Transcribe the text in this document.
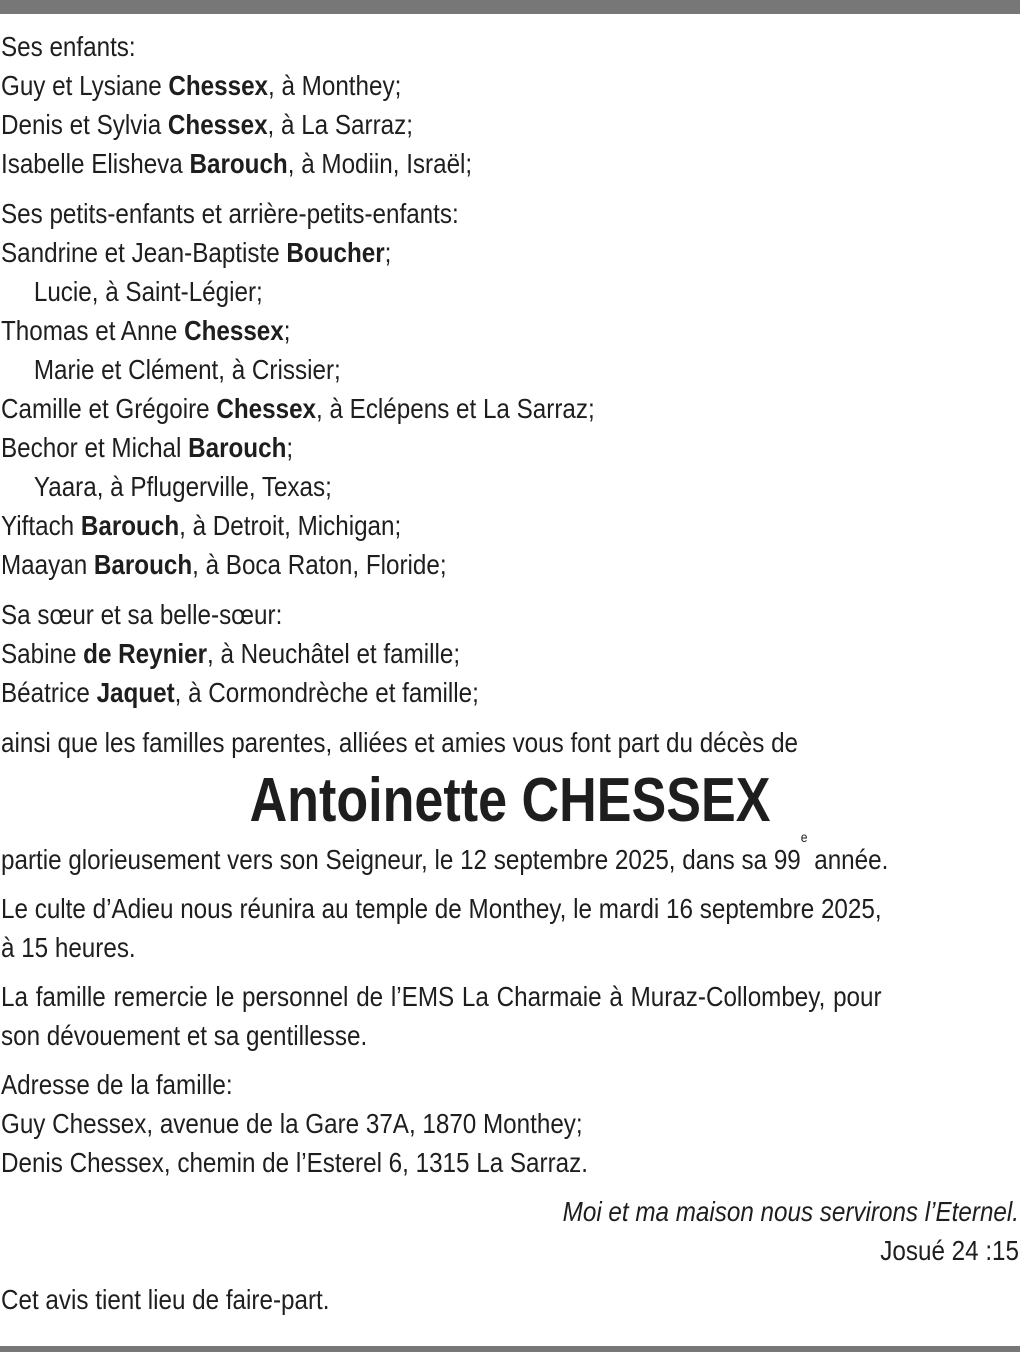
Ses enfants:
Guy et Lysiane Chessex, à Monthey;
Denis et Sylvia Chessex, à La Sarraz;
Isabelle Elisheva Barouch, à Modiin, Israël;
Ses petits-enfants et arrière-petits-enfants:
Sandrine et Jean-Baptiste Boucher;
Lucie, à Saint-Légier;
Thomas et Anne Chessex;
Marie et Clément, à Crissier;
Camille et Grégoire Chessex, à Eclépens et La Sarraz;
Bechor et Michal Barouch;
Yaara, à Pflugerville, Texas;
Yiftach Barouch, à Detroit, Michigan;
Maayan Barouch, à Boca Raton, Floride;
Sa sœur et sa belle-sœur:
Sabine de Reynier, à Neuchâtel et famille;
Béatrice Jaquet, à Cormondrèche et famille;
ainsi que les familles parentes, alliées et amies vous font part du décès de
Antoinette CHESSEX
partie glorieusement vers son Seigneur, le 12 septembre 2025, dans sa 99e année.
Le culte d’Adieu nous réunira au temple de Monthey, le mardi 16 septembre 2025,
à 15 heures.
La famille remercie le personnel de l’EMS La Charmaie à Muraz-Collombey, pour
son dévouement et sa gentillesse.
Adresse de la famille:
Guy Chessex, avenue de la Gare 37A, 1870 Monthey;
Denis Chessex, chemin de l’Esterel 6, 1315 La Sarraz.
Moi et ma maison nous servirons l’Eternel.
Josué 24 :15
Cet avis tient lieu de faire-part.
